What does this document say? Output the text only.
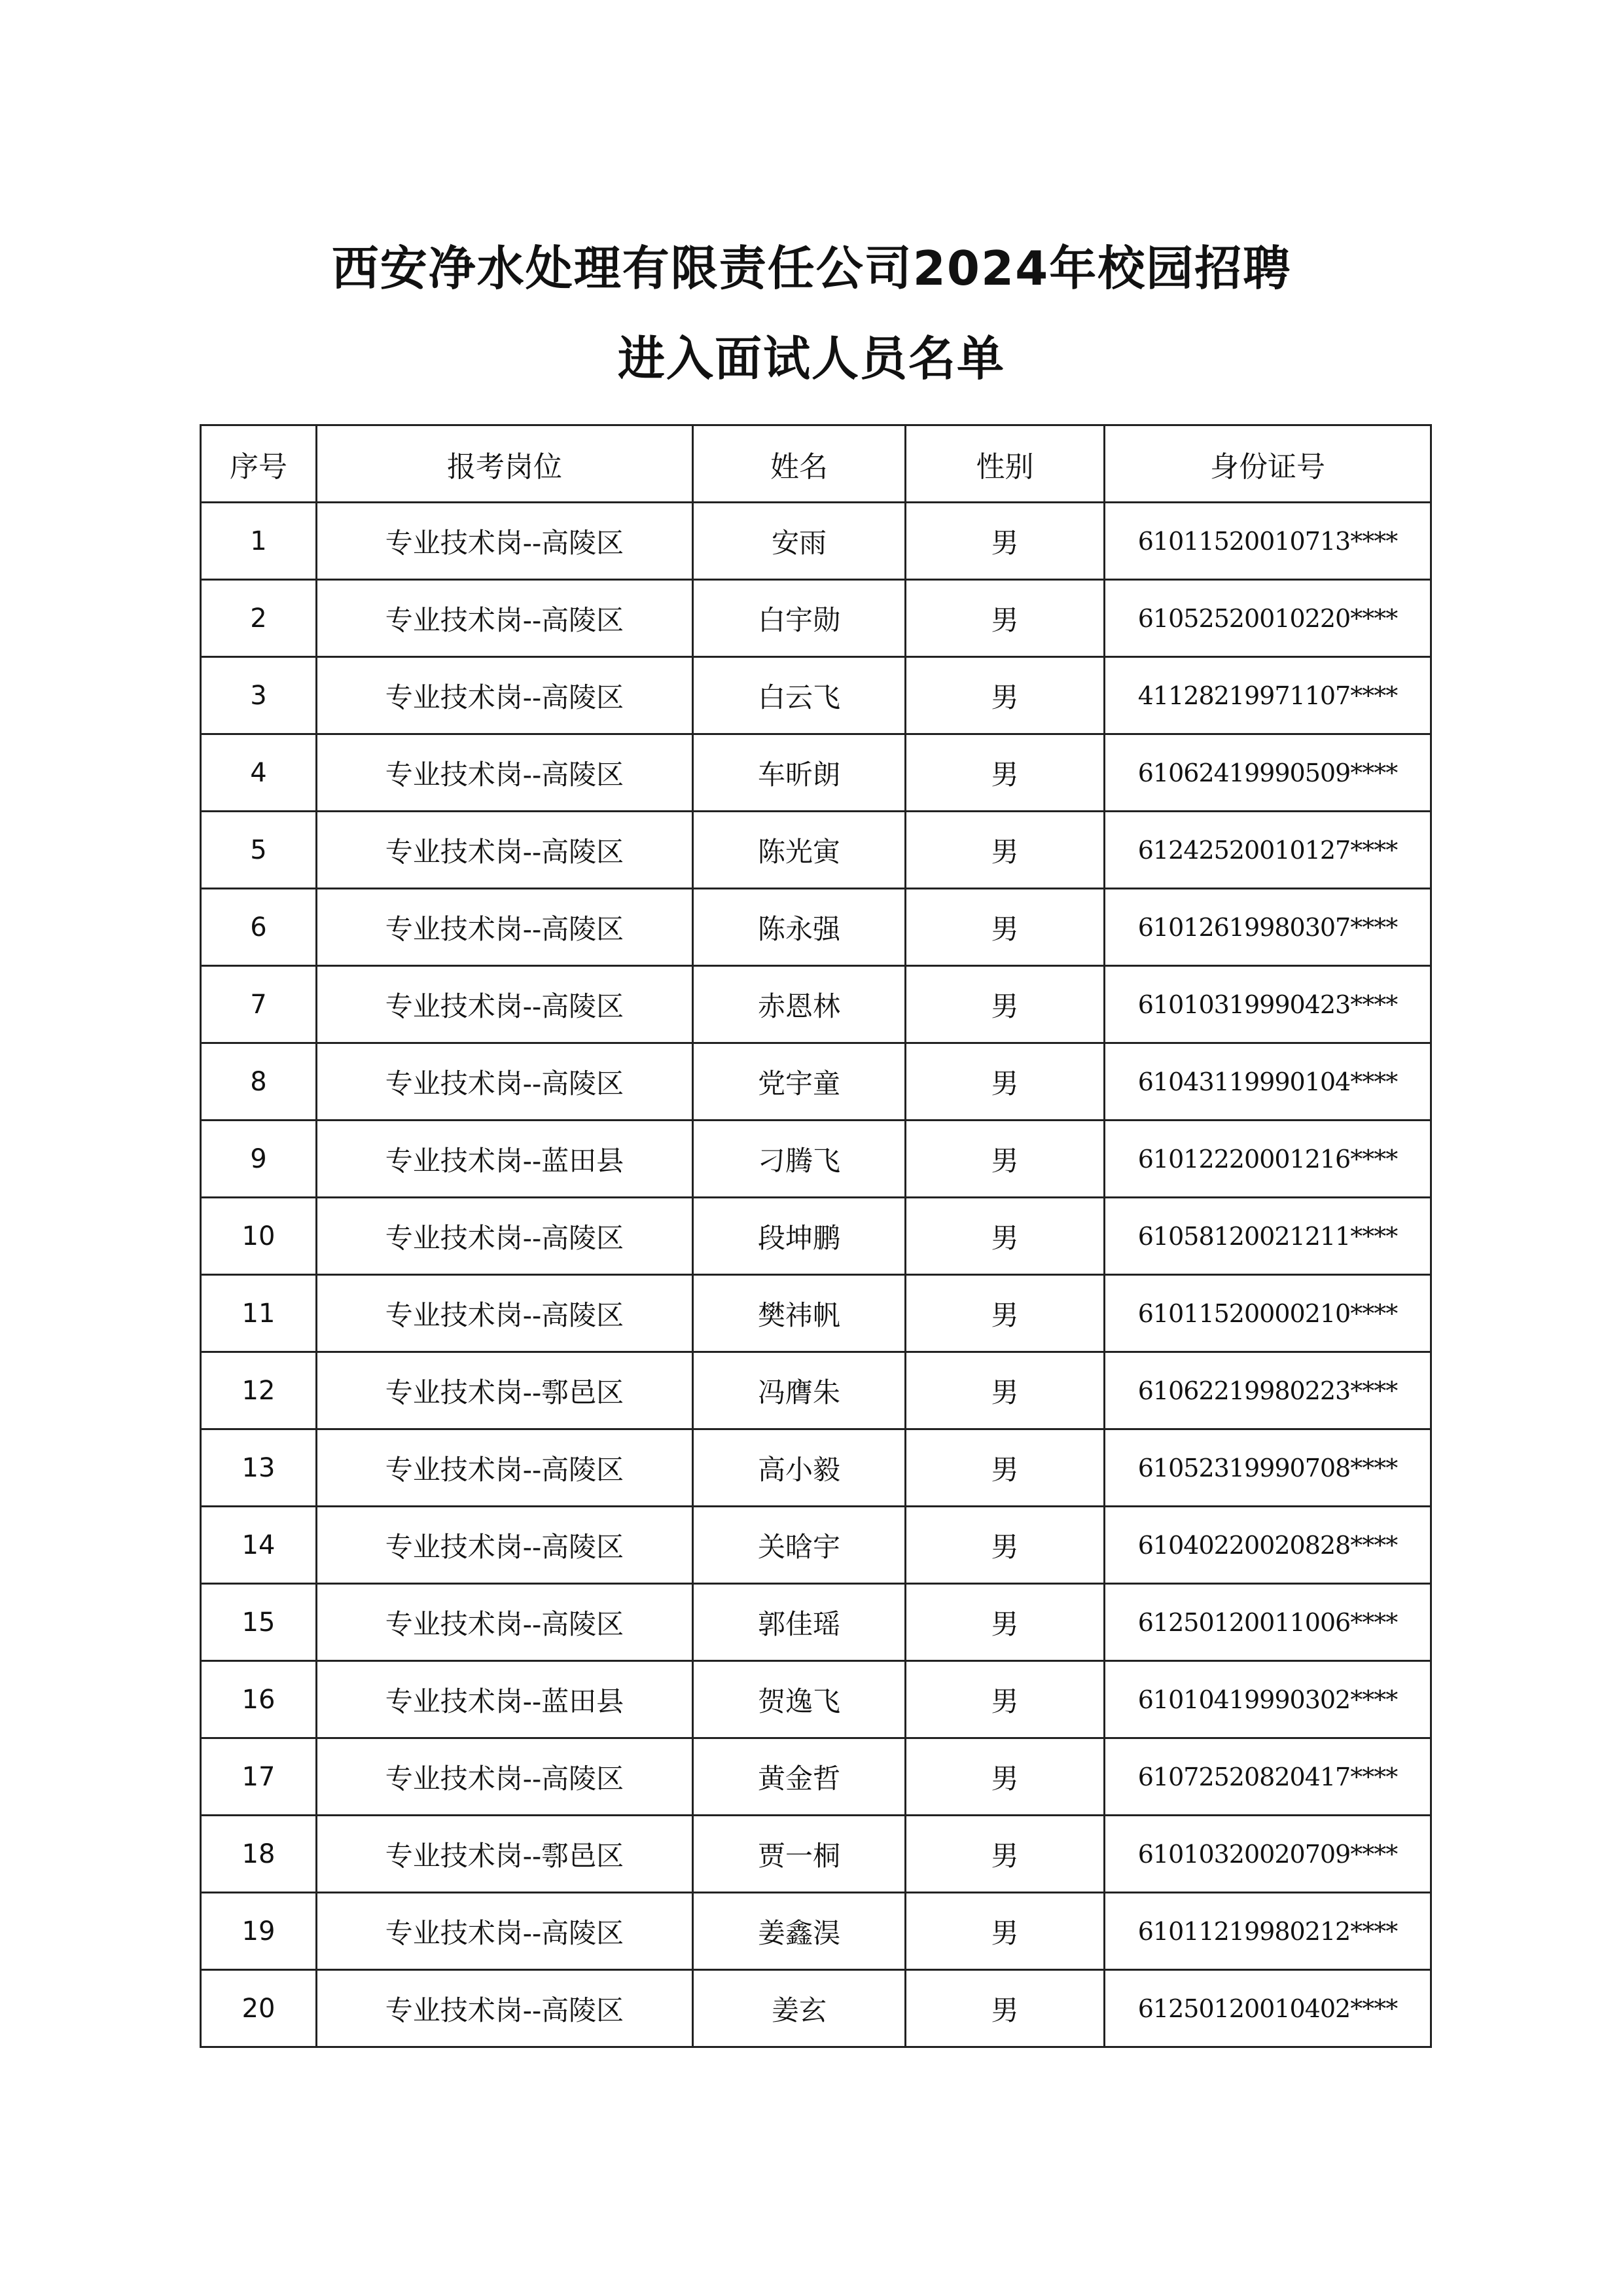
西安净水处理有限责任公司2024年校园招聘
进入面试人员名单
序号	报考岗位	姓名	性别	身份证号
1	专业技术岗--高陵区	安雨	男	61011520010713****
2	专业技术岗--高陵区	白宇勋	男	61052520010220****
3	专业技术岗--高陵区	白云飞	男	41128219971107****
4	专业技术岗--高陵区	车昕朗	男	61062419990509****
5	专业技术岗--高陵区	陈光寅	男	61242520010127****
6	专业技术岗--高陵区	陈永强	男	61012619980307****
7	专业技术岗--高陵区	赤恩林	男	61010319990423****
8	专业技术岗--高陵区	党宇童	男	61043119990104****
9	专业技术岗--蓝田县	刁腾飞	男	61012220001216****
10	专业技术岗--高陵区	段坤鹏	男	61058120021211****
11	专业技术岗--高陵区	樊祎帆	男	61011520000210****
12	专业技术岗--鄠邑区	冯膺朱	男	61062219980223****
13	专业技术岗--高陵区	高小毅	男	61052319990708****
14	专业技术岗--高陵区	关晗宇	男	61040220020828****
15	专业技术岗--高陵区	郭佳瑶	男	61250120011006****
16	专业技术岗--蓝田县	贺逸飞	男	61010419990302****
17	专业技术岗--高陵区	黄金哲	男	61072520820417****
18	专业技术岗--鄠邑区	贾一桐	男	61010320020709****
19	专业技术岗--高陵区	姜鑫淏	男	61011219980212****
20	专业技术岗--高陵区	姜玄	男	61250120010402****
